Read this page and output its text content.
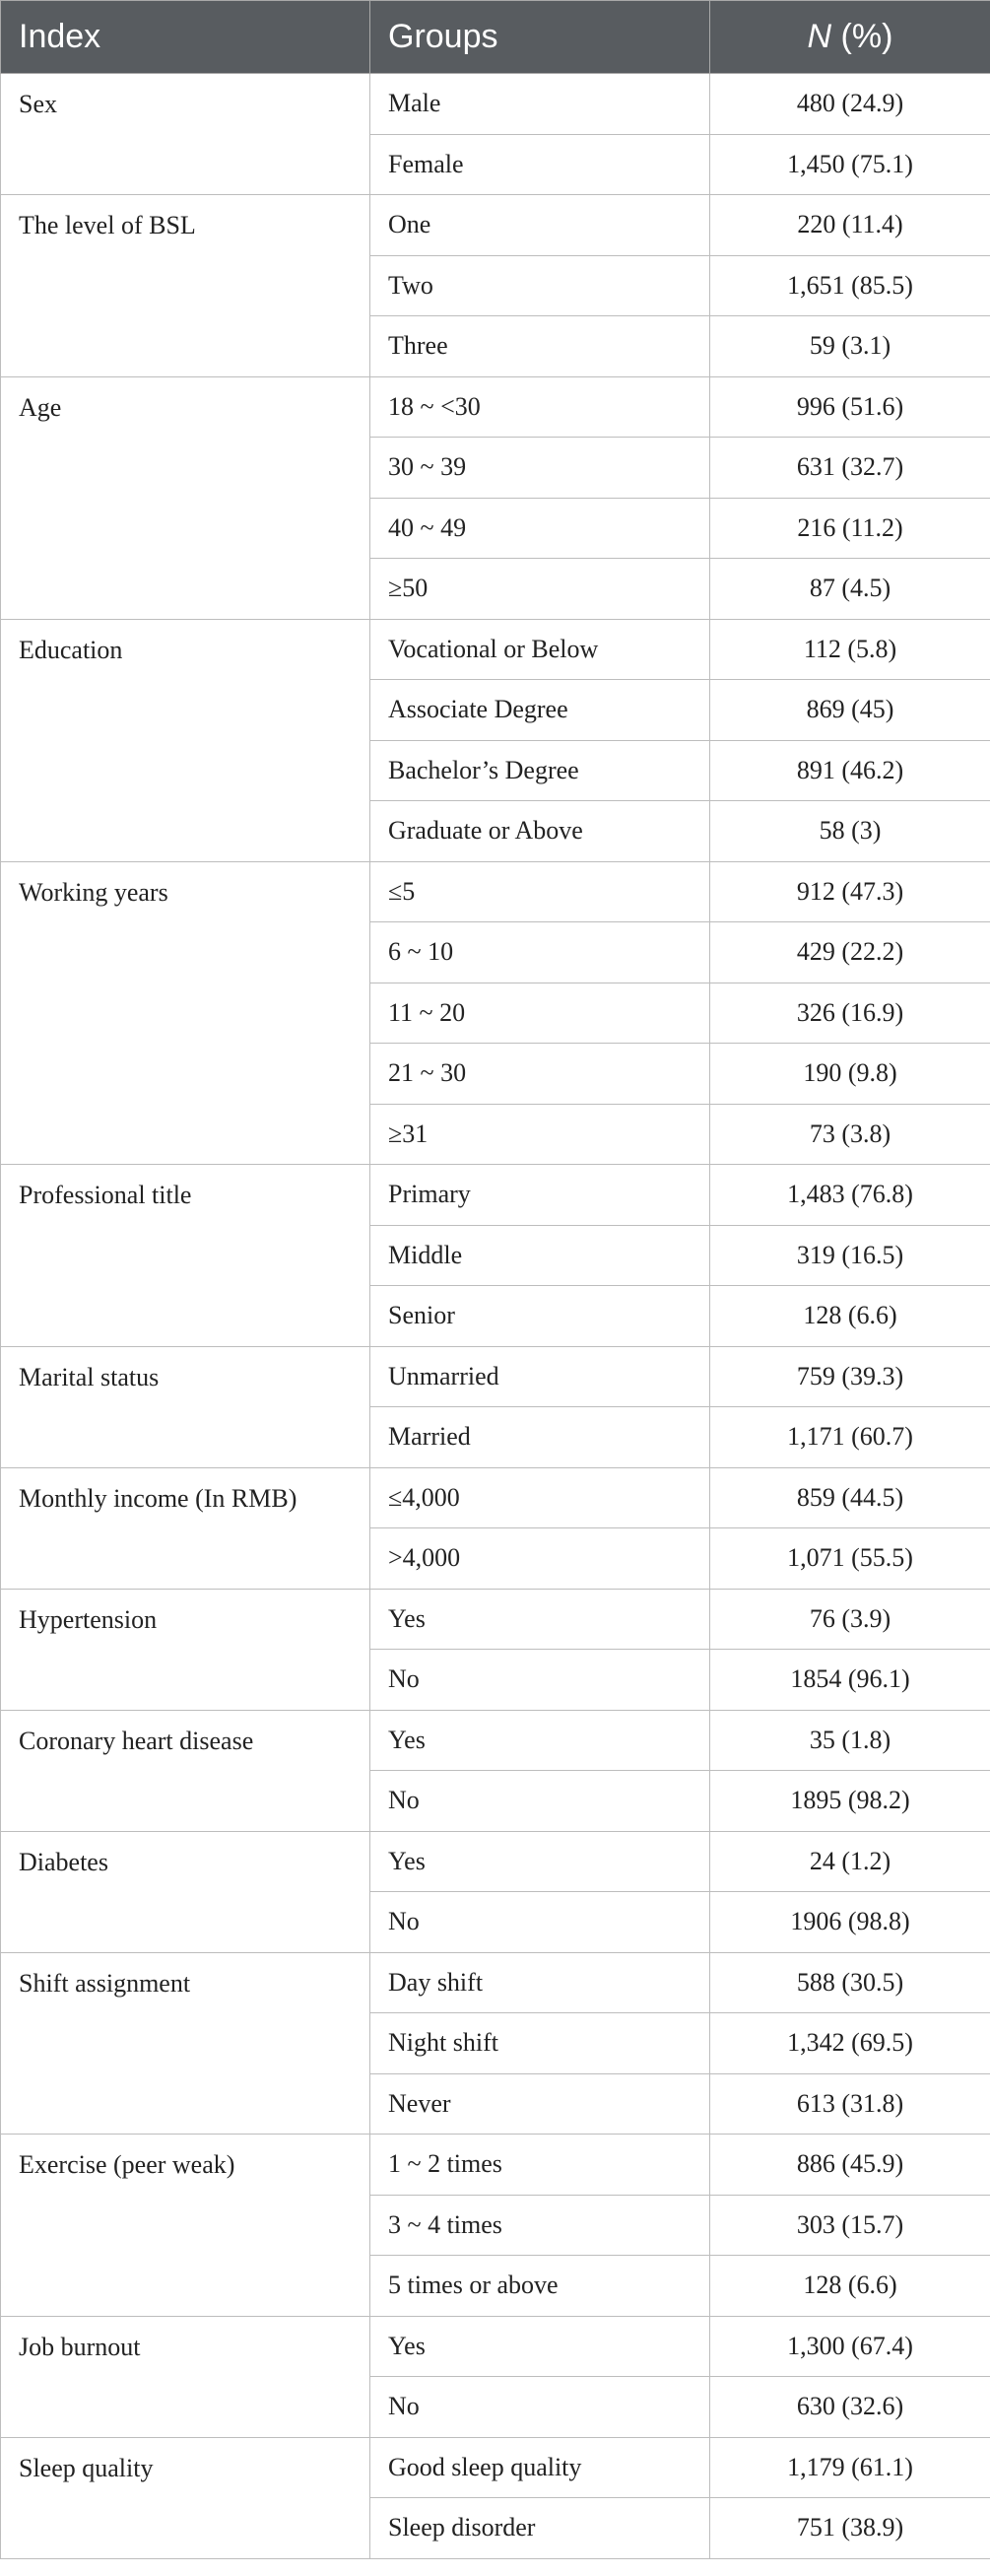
Index	Groups	N (%)
Sex	Male	480 (24.9)
	Female	1,450 (75.1)
The level of BSL	One	220 (11.4)
	Two	1,651 (85.5)
	Three	59 (3.1)
Age	18 ~ <30	996 (51.6)
	30 ~ 39	631 (32.7)
	40 ~ 49	216 (11.2)
	≥50	87 (4.5)
Education	Vocational or Below	112 (5.8)
	Associate Degree	869 (45)
	Bachelor’s Degree	891 (46.2)
	Graduate or Above	58 (3)
Working years	≤5	912 (47.3)
	6 ~ 10	429 (22.2)
	11 ~ 20	326 (16.9)
	21 ~ 30	190 (9.8)
	≥31	73 (3.8)
Professional title	Primary	1,483 (76.8)
	Middle	319 (16.5)
	Senior	128 (6.6)
Marital status	Unmarried	759 (39.3)
	Married	1,171 (60.7)
Monthly income (In RMB)	≤4,000	859 (44.5)
	>4,000	1,071 (55.5)
Hypertension	Yes	76 (3.9)
	No	1854 (96.1)
Coronary heart disease	Yes	35 (1.8)
	No	1895 (98.2)
Diabetes	Yes	24 (1.2)
	No	1906 (98.8)
Shift assignment	Day shift	588 (30.5)
	Night shift	1,342 (69.5)
	Never	613 (31.8)
Exercise (peer weak)	1 ~ 2 times	886 (45.9)
	3 ~ 4 times	303 (15.7)
	5 times or above	128 (6.6)
Job burnout	Yes	1,300 (67.4)
	No	630 (32.6)
Sleep quality	Good sleep quality	1,179 (61.1)
	Sleep disorder	751 (38.9)
